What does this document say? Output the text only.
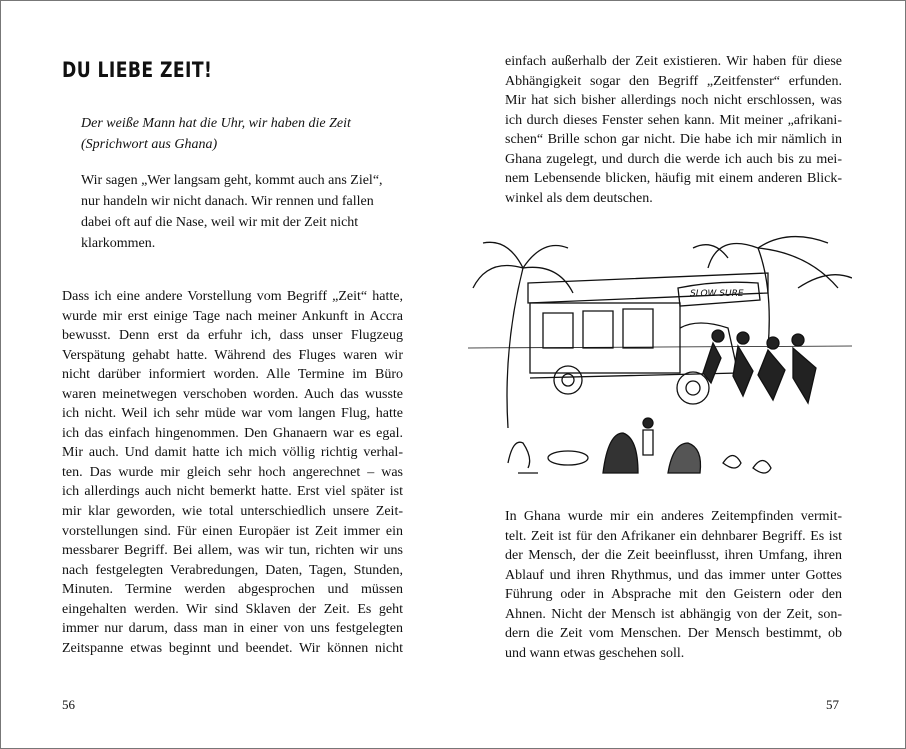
DU LIEBE ZEIT!
Der weiße Mann hat die Uhr, wir haben die Zeit
(Sprichwort aus Ghana)
Wir sagen „Wer langsam geht, kommt auch ans Ziel“,
nur handeln wir nicht danach. Wir rennen und fallen
dabei oft auf die Nase, weil wir mit der Zeit nicht
klarkommen.
Dass ich eine andere Vorstellung vom Begriff „Zeit“ hatte,
wurde mir erst einige Tage nach meiner Ankunft in Accra
bewusst. Denn erst da erfuhr ich, dass unser Flugzeug
Verspätung gehabt hatte. Während des Fluges waren wir
nicht darüber informiert worden. Alle Termine im Büro
waren meinetwegen verschoben worden. Auch das wusste
ich nicht. Weil ich sehr müde war vom langen Flug, hatte
ich das einfach hingenommen. Den Ghanaern war es egal.
Mir auch. Und damit hatte ich mich völlig richtig verhal-
ten. Das wurde mir gleich sehr hoch angerechnet – was
ich allerdings auch nicht bemerkt hatte. Erst viel später ist
mir klar geworden, wie total unterschiedlich unsere Zeit-
vorstellungen sind. Für einen Europäer ist Zeit immer ein
messbarer Begriff. Bei allem, was wir tun, richten wir uns
nach festgelegten Verabredungen, Daten, Tagen, Stunden,
Minuten. Termine werden abgesprochen und müssen
eingehalten werden. Wir sind Sklaven der Zeit. Es geht
immer nur darum, dass man in einer von uns festgelegten
Zeitspanne etwas beginnt und beendet. Wir können nicht
einfach außerhalb der Zeit existieren. Wir haben für diese
Abhängigkeit sogar den Begriff „Zeitfenster“ erfunden.
Mir hat sich bisher allerdings noch nicht erschlossen, was
ich durch dieses Fenster sehen kann. Mit meiner „afrikani-
schen“ Brille schon gar nicht. Die habe ich mir nämlich in
Ghana zugelegt, und durch die werde ich auch bis zu mei-
nem Lebensende blicken, häufig mit einem anderen Blick-
winkel als dem deutschen.
In Ghana wurde mir ein anderes Zeitempfinden vermit-
telt. Zeit ist für den Afrikaner ein dehnbarer Begriff. Es ist
der Mensch, der die Zeit beeinflusst, ihren Umfang, ihren
Ablauf und ihren Rhythmus, und das immer unter Gottes
Führung oder in Absprache mit den Geistern oder den
Ahnen. Nicht der Mensch ist abhängig von der Zeit, son-
dern die Zeit vom Menschen. Der Mensch bestimmt, ob
und wann etwas geschehen soll.
SLOW SURE
56	57
